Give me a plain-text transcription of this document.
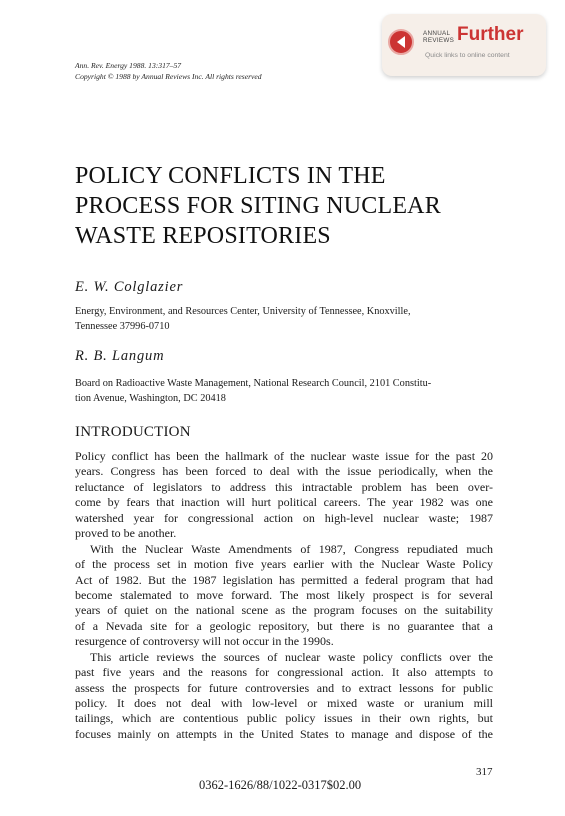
Ann. Rev. Energy 1988. 13:317–57
Copyright © 1988 by Annual Reviews Inc. All rights reserved
ANNUAL
REVIEWS Further
Quick links to online content
POLICY CONFLICTS IN THE
PROCESS FOR SITING NUCLEAR
WASTE REPOSITORIES
E. W. Colglazier
Energy, Environment, and Resources Center, University of Tennessee, Knoxville,
Tennessee 37996-0710
R. B. Langum
Board on Radioactive Waste Management, National Research Council, 2101 Constitu-
tion Avenue, Washington, DC 20418
INTRODUCTION
Policy conflict has been the hallmark of the nuclear waste issue for the past 20
years. Congress has been forced to deal with the issue periodically, when the
reluctance of legislators to address this intractable problem has been over-
come by fears that inaction will hurt political careers. The year 1982 was one
watershed year for congressional action on high-level nuclear waste; 1987
proved to be another.
With the Nuclear Waste Amendments of 1987, Congress repudiated much
of the process set in motion five years earlier with the Nuclear Waste Policy
Act of 1982. But the 1987 legislation has permitted a federal program that had
become stalemated to move forward. The most likely prospect is for several
years of quiet on the national scene as the program focuses on the suitability
of a Nevada site for a geologic repository, but there is no guarantee that a
resurgence of controversy will not occur in the 1990s.
This article reviews the sources of nuclear waste policy conflicts over the
past five years and the reasons for congressional action. It also attempts to
assess the prospects for future controversies and to extract lessons for public
policy. It does not deal with low-level or mixed waste or uranium mill
tailings, which are contentious public policy issues in their own rights, but
focuses mainly on attempts in the United States to manage and dispose of the
317
0362-1626/88/1022-0317$02.00
